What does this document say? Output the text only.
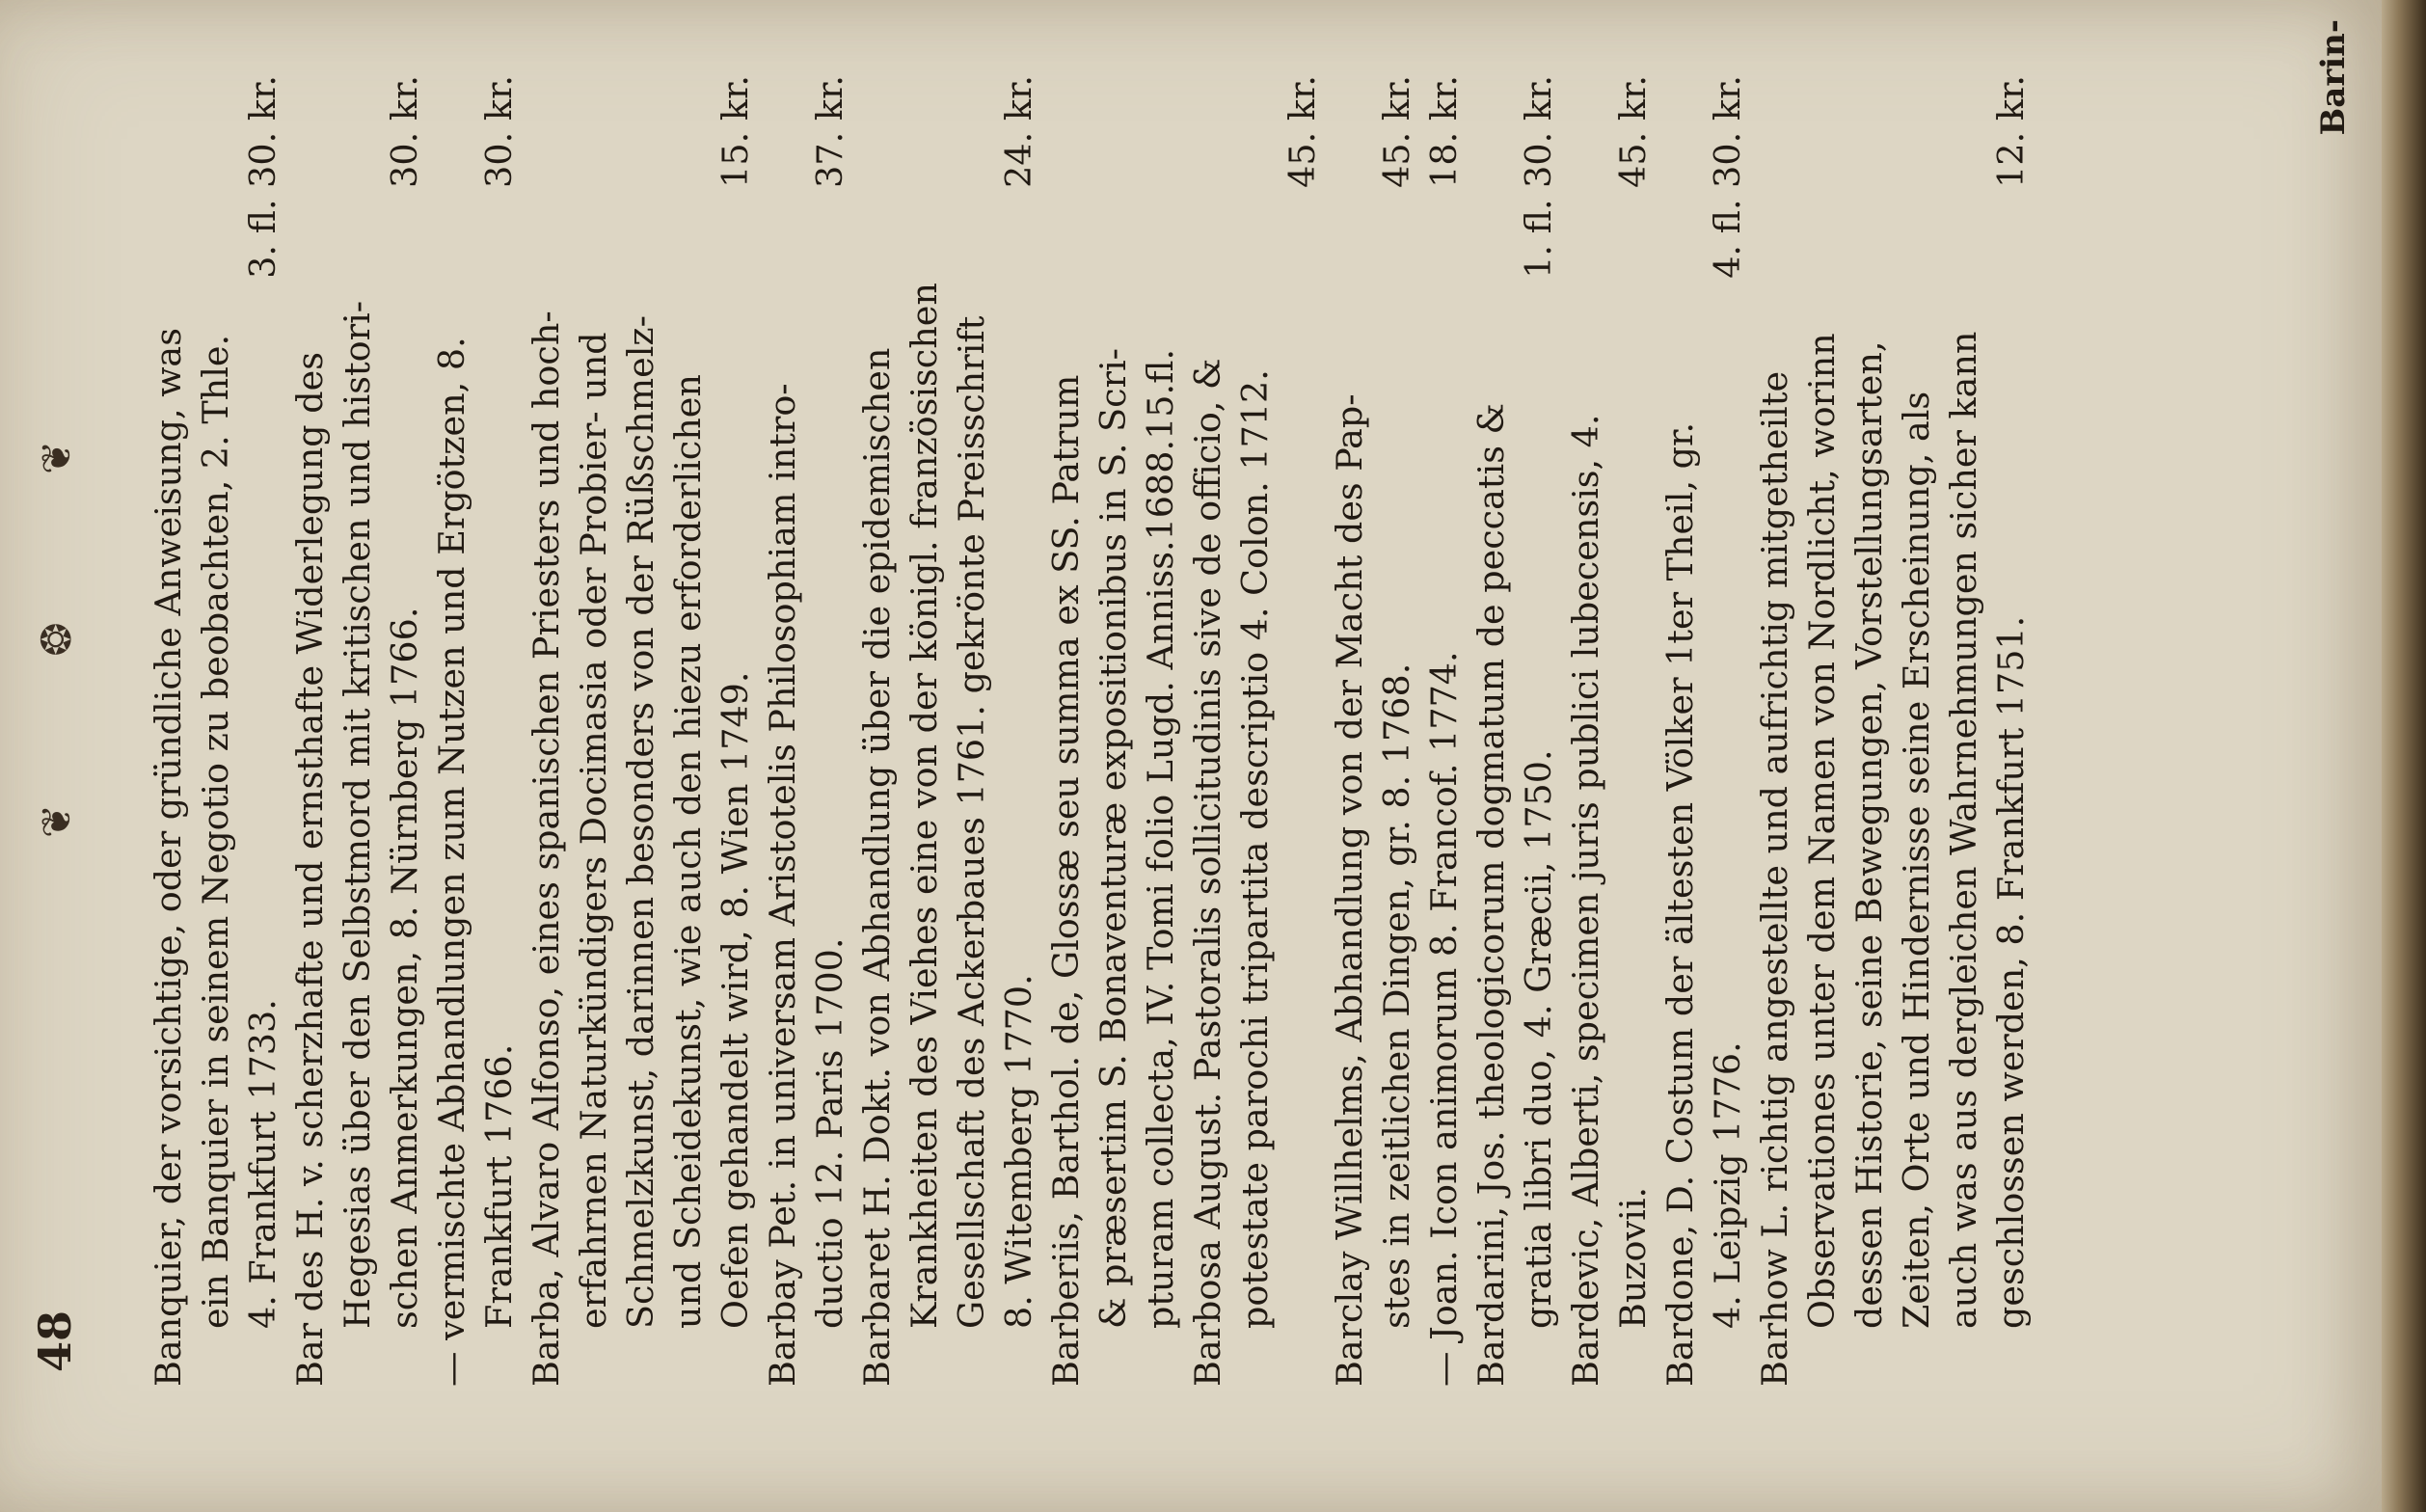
48
❦ ❂ ❦ Banquier, der vorsichtige, oder gründliche Anweisung, was ein Banquier in seinem Negotio zu beobachten, 2. Thle. 4. Frankfurt 1733.
3. fl. 30. kr.
Bar des H. v. scherzhafte und ernsthafte Widerlegung des Hegesias über den Selbstmord mit kritischen und histori- schen Anmerkungen, 8. Nürnberg 1766.
30. kr.
— vermischte Abhandlungen zum Nutzen und Ergötzen, 8. Frankfurt 1766.
30. kr.
Barba, Alvaro Alfonso, eines spanischen Priesters und hoch- erfahrnen Naturkündigers Docimasia oder Probier- und Schmelzkunst, darinnen besonders von der Rüßschmelz- und Scheidekunst, wie auch den hiezu erforderlichen Oefen gehandelt wird, 8. Wien 1749.
15. kr.
Barbay Pet. in universam Aristotelis Philosophiam intro- ductio 12. Paris 1700.
37. kr.
Barbaret H. Dokt. von Abhandlung über die epidemischen Krankheiten des Viehes eine von der königl. französischen Gesellschaft des Ackerbaues 1761. gekrönte Preisschrift 8. Witemberg 1770.
24. kr.
Barberiis, Barthol. de, Glossæ seu summa ex SS. Patrum & præsertim S. Bonaventuræ expositionibus in S. Scri- pturam collecta, IV. Tomi folio Lugd. Anniss.1688.15.fl. Barbosa August. Pastoralis sollicitudinis sive de officio, & potestate parochi tripartita descriptio 4. Colon. 1712.
45. kr.
Barclay Willhelms, Abhandlung von der Macht des Pap- stes in zeitlichen Dingen, gr. 8. 1768.
45. kr.
— Joan. Icon animorum 8. Francof. 1774.
18. kr.
Bardarini, Jos. theologicorum dogmatum de peccatis & gratia libri duo, 4. Græcii, 1750.
1. fl. 30. kr.
Bardevic, Alberti, specimen juris publici lubecensis, 4. Buzovii.
45. kr.
Bardone, D. Costum der ältesten Völker 1ter Theil, gr. 4. Leipzig 1776.
4. fl. 30. kr.
Barhow L. richtig angestellte und aufrichtig mitgetheilte Observationes unter dem Namen von Nordlicht, worinn dessen Historie, seine Bewegungen, Vorstellungsarten, Zeiten, Orte und Hindernisse seine Erscheinung, als auch was aus dergleichen Wahrnehmungen sicher kann geschlossen werden, 8. Frankfurt 1751.
12. kr.	Barin-
